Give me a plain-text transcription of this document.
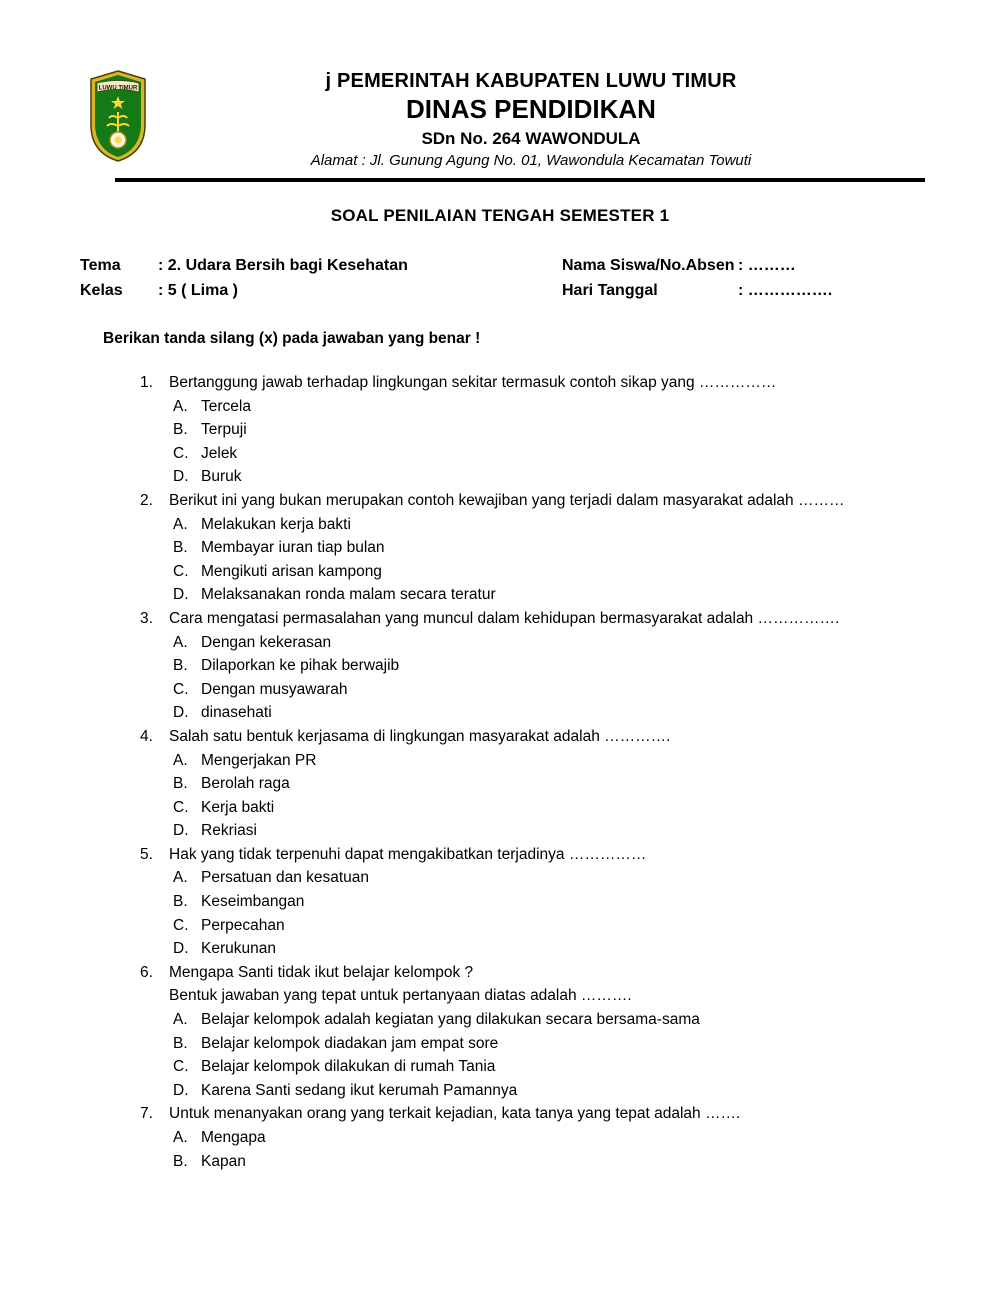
LUWU TIMUR	j PEMERINTAH KABUPATEN LUWU TIMUR
DINAS PENDIDIKAN
SDn No. 264 WAWONDULA
Alamat : Jl. Gunung Agung No. 01, Wawondula Kecamatan Towuti
SOAL PENILAIAN TENGAH SEMESTER 1
Tema	: 2. Udara Bersih bagi Kesehatan
Kelas	: 5 ( Lima )
Nama Siswa/No.Absen : ………
Hari Tanggal	: …………….
Berikan tanda silang (x) pada jawaban yang benar !
1.	Bertanggung jawab terhadap lingkungan sekitar termasuk contoh sikap yang ……………
A. Tercela
B. Terpuji
C. Jelek
D. Buruk
2.	Berikut ini yang bukan merupakan contoh kewajiban yang terjadi dalam masyarakat adalah ………
A. Melakukan kerja bakti
B. Membayar iuran tiap bulan
C. Mengikuti arisan kampong
D. Melaksanakan ronda malam secara teratur
3.	Cara mengatasi permasalahan yang muncul dalam kehidupan bermasyarakat adalah …………….
A. Dengan kekerasan
B. Dilaporkan ke pihak berwajib
C. Dengan musyawarah
D. dinasehati
4.	Salah satu bentuk kerjasama di lingkungan masyarakat adalah ………….
A. Mengerjakan PR
B. Berolah raga
C. Kerja bakti
D. Rekriasi
5.	Hak yang tidak terpenuhi dapat mengakibatkan terjadinya ……………
A. Persatuan dan kesatuan
B. Keseimbangan
C. Perpecahan
D. Kerukunan
6.	Mengapa Santi tidak ikut belajar kelompok ?
Bentuk jawaban yang tepat untuk pertanyaan diatas adalah ……….
A. Belajar kelompok adalah kegiatan yang dilakukan secara bersama-sama
B. Belajar kelompok diadakan jam empat sore
C. Belajar kelompok dilakukan di rumah Tania
D. Karena Santi sedang ikut kerumah Pamannya
7.	Untuk menanyakan orang yang terkait kejadian, kata tanya yang tepat adalah …….
A. Mengapa
B. Kapan
